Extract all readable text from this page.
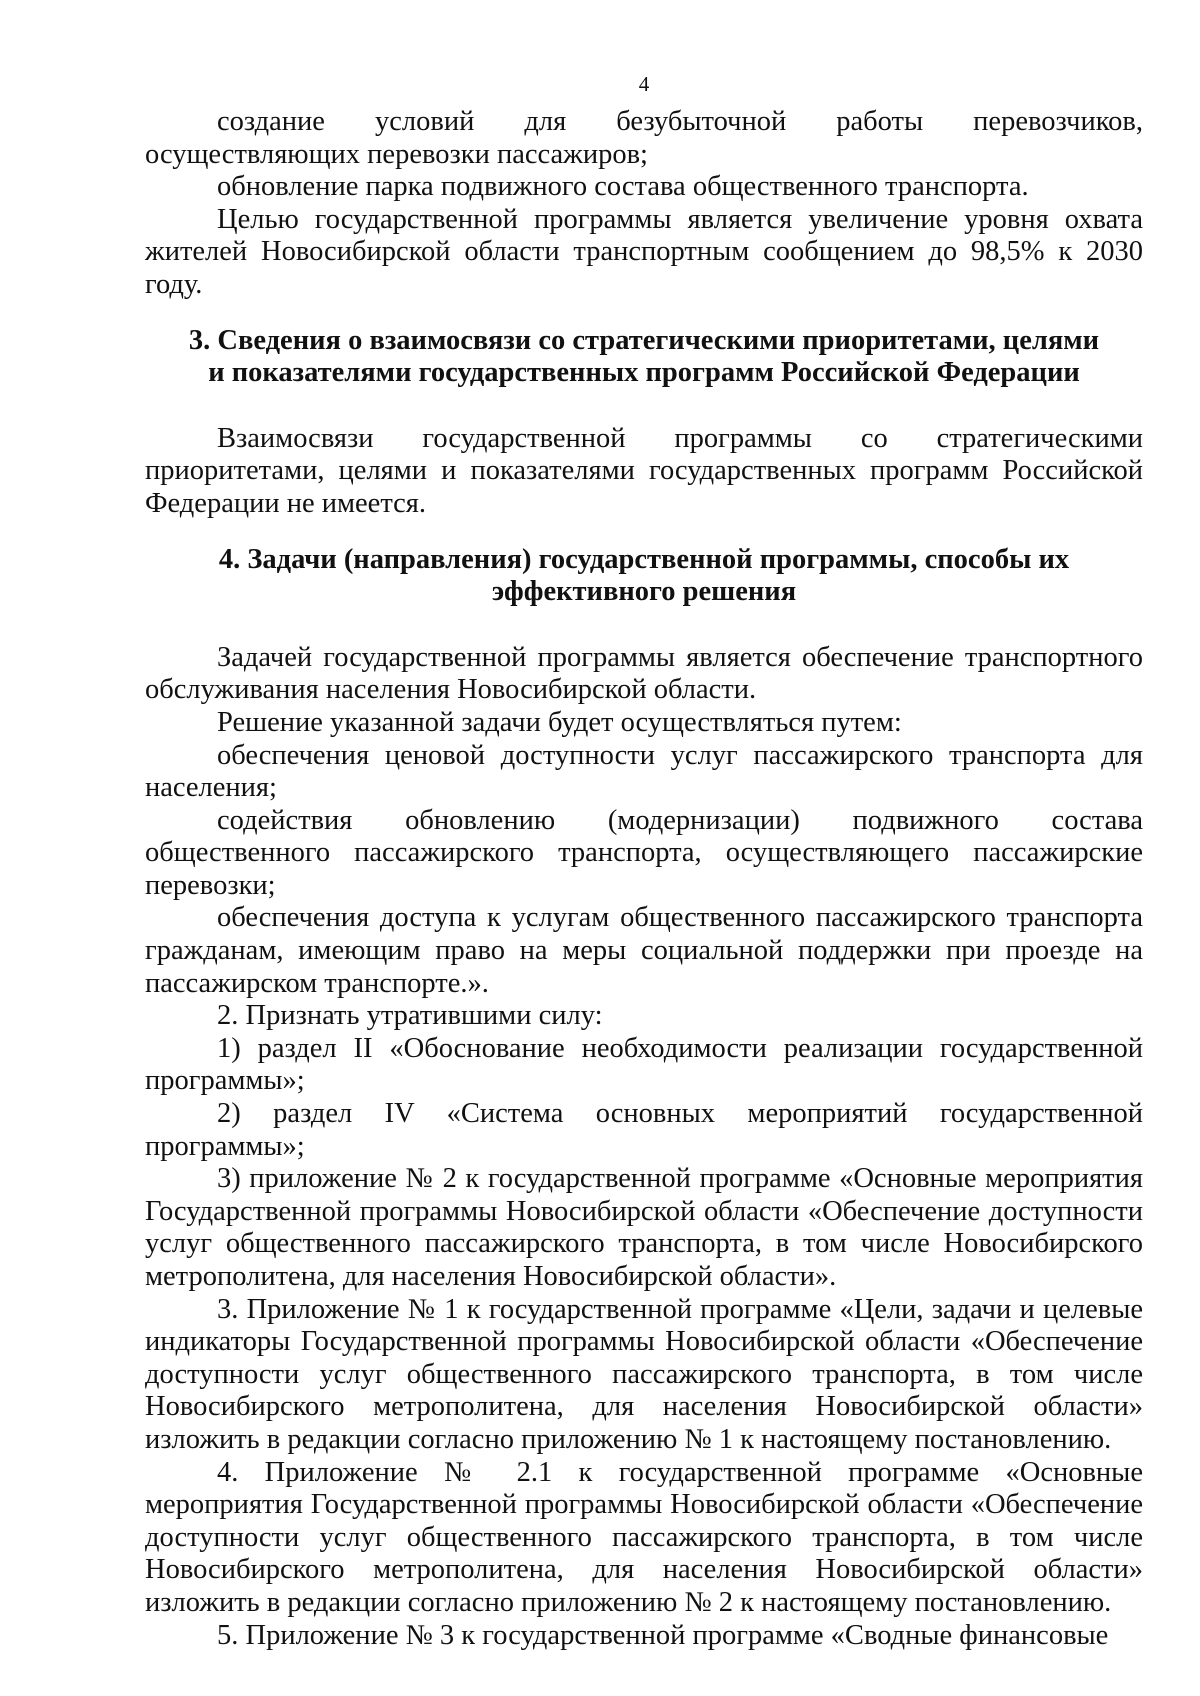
4

создание условий для безубыточной работы перевозчиков, осуществляющих перевозки пассажиров;

обновление парка подвижного состава общественного транспорта.

Целью государственной программы является увеличение уровня охвата жителей Новосибирской области транспортным сообщением до 98,5% к 2030 году.

3. Сведения о взаимосвязи со стратегическими приоритетами, целями

и показателями государственных программ Российской Федерации

Взаимосвязи государственной программы со стратегическими приоритетами, целями и показателями государственных программ Российской Федерации не имеется.

4. Задачи (направления) государственной программы, способы их

эффективного решения

Задачей государственной программы является обеспечение транспортного обслуживания населения Новосибирской области.

Решение указанной задачи будет осуществляться путем:

обеспечения ценовой доступности услуг пассажирского транспорта для населения;

содействия обновлению (модернизации) подвижного состава общественного пассажирского транспорта, осуществляющего пассажирские перевозки;

обеспечения доступа к услугам общественного пассажирского транспорта гражданам, имеющим право на меры социальной поддержки при проезде на пассажирском транспорте.».

2. Признать утратившими силу:

1) раздел II «Обоснование необходимости реализации государственной программы»;

2) раздел IV «Система основных мероприятий государственной программы»;

3) приложение № 2 к государственной программе «Основные мероприятия Государственной программы Новосибирской области «Обеспечение доступности услуг общественного пассажирского транспорта, в том числе Новосибирского метрополитена, для населения Новосибирской области».

3. Приложение № 1 к государственной программе «Цели, задачи и целевые индикаторы Государственной программы Новосибирской области «Обеспечение доступности услуг общественного пассажирского транспорта, в том числе Новосибирского метрополитена, для населения Новосибирской области» изложить в редакции согласно приложению № 1 к настоящему постановлению.

4. Приложение № 2.1 к государственной программе «Основные мероприятия Государственной программы Новосибирской области «Обеспечение доступности услуг общественного пассажирского транспорта, в том числе Новосибирского метрополитена, для населения Новосибирской области» изложить в редакции согласно приложению № 2 к настоящему постановлению.

5. Приложение № 3 к государственной программе «Сводные финансовые
